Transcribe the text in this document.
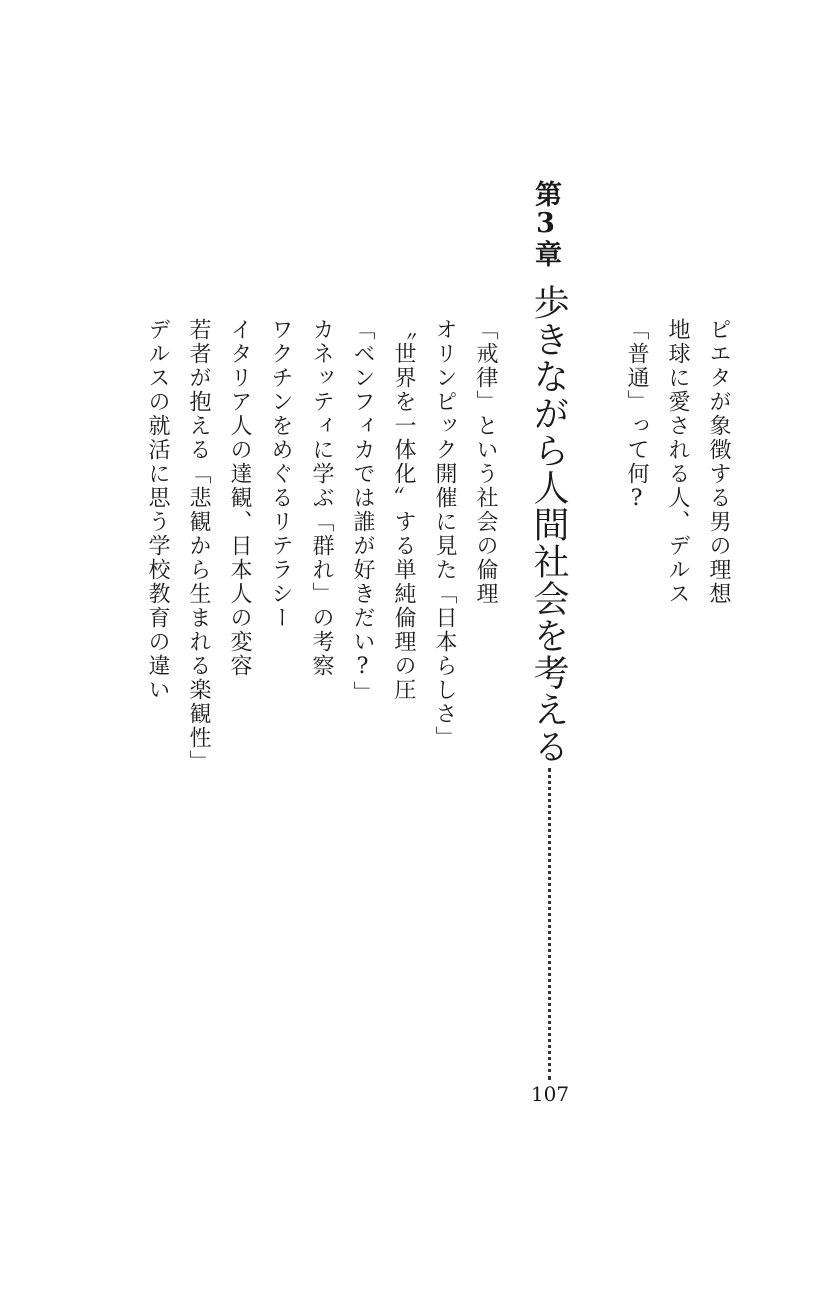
ピエタが象徴する男の理想
地球に愛される人、デルス
「普通」って何?
第3章
歩きながら人間社会を考える
107
「戒律」という社会の倫理
オリンピック開催に見た「日本らしさ」
〝世界を一体化〟する単純倫理の圧
「ベンフィカでは誰が好きだい?」
カネッティに学ぶ「群れ」の考察
ワクチンをめぐるリテラシー
イタリア人の達観、日本人の変容
若者が抱える「悲観から生まれる楽観性」
デルスの就活に思う学校教育の違い
